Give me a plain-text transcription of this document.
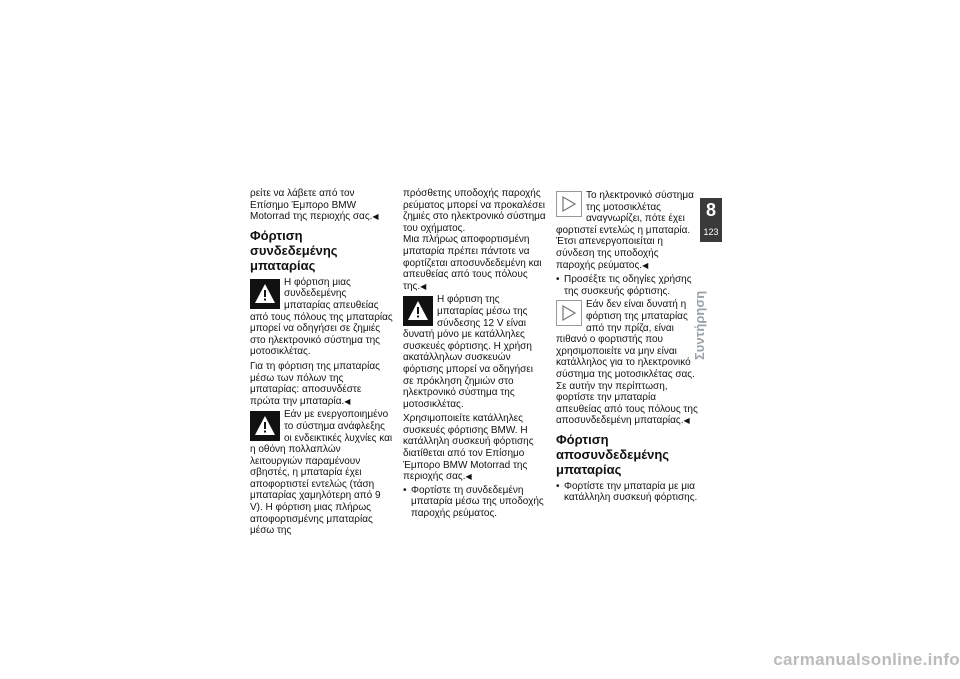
ρείτε να λάβετε από τον Επίσημο Έμπορο BMW Motorrad της περιοχής σας. ◀

Φόρτιση συνδεδεμένης μπαταρίας

Η φόρτιση μιας συνδεδεμένης μπαταρίας απευθείας από τους πόλους της μπαταρίας μπορεί να οδηγήσει σε ζημιές στο ηλεκτρονικό σύστημα της μοτοσικλέτας.

Για τη φόρτιση της μπαταρίας μέσω των πόλων της μπαταρίας: αποσυνδέστε πρώτα την μπαταρία. ◀

Εάν με ενεργοποιημένο το σύστημα ανάφλεξης οι ενδεικτικές λυχνίες και η οθόνη πολλαπλών λειτουργιών παραμένουν σβηστές, η μπαταρία έχει αποφορτιστεί εντελώς (τάση μπαταρίας χαμηλότερη από 9 V). Η φόρτιση μιας πλήρως αποφορτισμένης μπαταρίας μέσω της

πρόσθετης υποδοχής παροχής ρεύματος μπορεί να προκαλέσει ζημιές στο ηλεκτρονικό σύστημα του οχήματος.

Μια πλήρως αποφορτισμένη μπαταρία πρέπει πάντοτε να φορτίζεται αποσυνδεδεμένη και απευθείας από τους πόλους της. ◀

Η φόρτιση της μπαταρίας μέσω της σύνδεσης 12 V είναι δυνατή μόνο με κατάλληλες συσκευές φόρτισης. Η χρήση ακατάλληλων συσκευών φόρτισης μπορεί να οδηγήσει σε πρόκληση ζημιών στο ηλεκτρονικό σύστημα της μοτοσικλέτας.

Χρησιμοποιείτε κατάλληλες συσκευές φόρτισης BMW. Η κατάλληλη συσκευή φόρτισης διατίθεται από τον Επίσημο Έμπορο BMW Motorrad της περιοχής σας. ◀

• Φορτίστε τη συνδεδεμένη μπαταρία μέσω της υποδοχής παροχής ρεύματος.

Το ηλεκτρονικό σύστημα της μοτοσικλέτας αναγνωρίζει, πότε έχει φορτιστεί εντελώς η μπαταρία. Έτσι απενεργοποιείται η σύνδεση της υποδοχής παροχής ρεύματος. ◀

• Προσέξτε τις οδηγίες χρήσης της συσκευής φόρτισης.

Εάν δεν είναι δυνατή η φόρτιση της μπαταρίας από την πρίζα, είναι πιθανό ο φορτιστής που χρησιμοποιείτε να μην είναι κατάλληλος για το ηλεκτρονικό σύστημα της μοτοσικλέτας σας. Σε αυτήν την περίπτωση, φορτίστε την μπαταρία απευθείας από τους πόλους της αποσυνδεδεμένη μπαταρίας. ◀

Φόρτιση αποσυνδεδεμένης μπαταρίας
• Φορτίστε την μπαταρία με μια κατάλληλη συσκευή φόρτισης.
8
123
Συντήρηση
carmanualsonline.info
